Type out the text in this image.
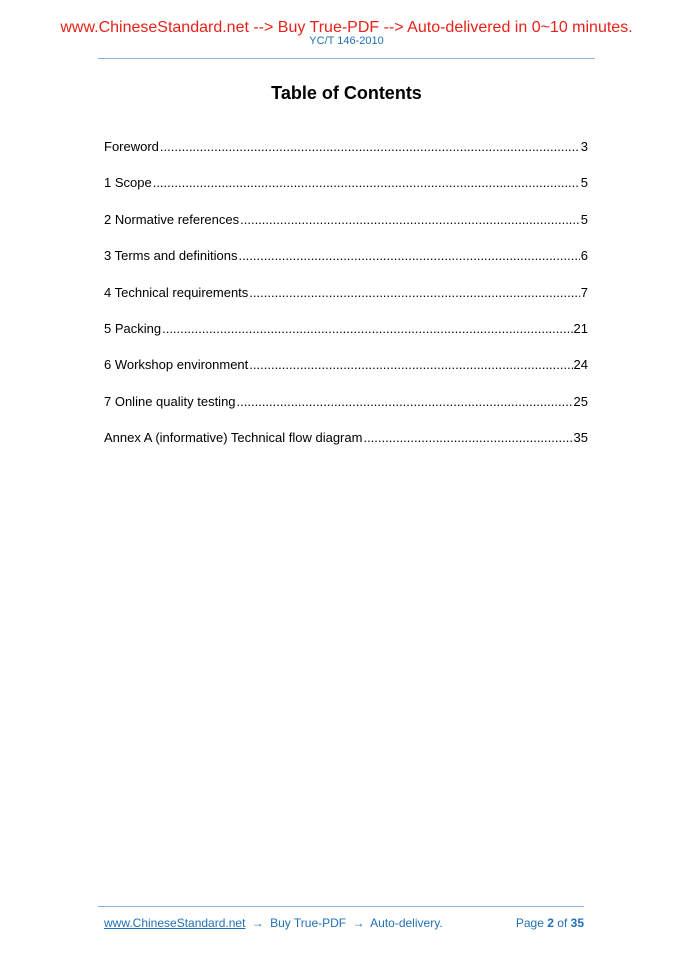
www.ChineseStandard.net --> Buy True-PDF --> Auto-delivered in 0~10 minutes.
YC/T 146-2010
Table of Contents
Foreword .....	3
1 Scope .....	5
2 Normative references .....	5
3 Terms and definitions .....	6
4 Technical requirements .....	7
5 Packing .....	21
6 Workshop environment .....	24
7 Online quality testing .....	25
Annex A (informative) Technical flow diagram .....	35
www.ChineseStandard.net → Buy True-PDF → Auto-delivery.	Page 2 of 35
